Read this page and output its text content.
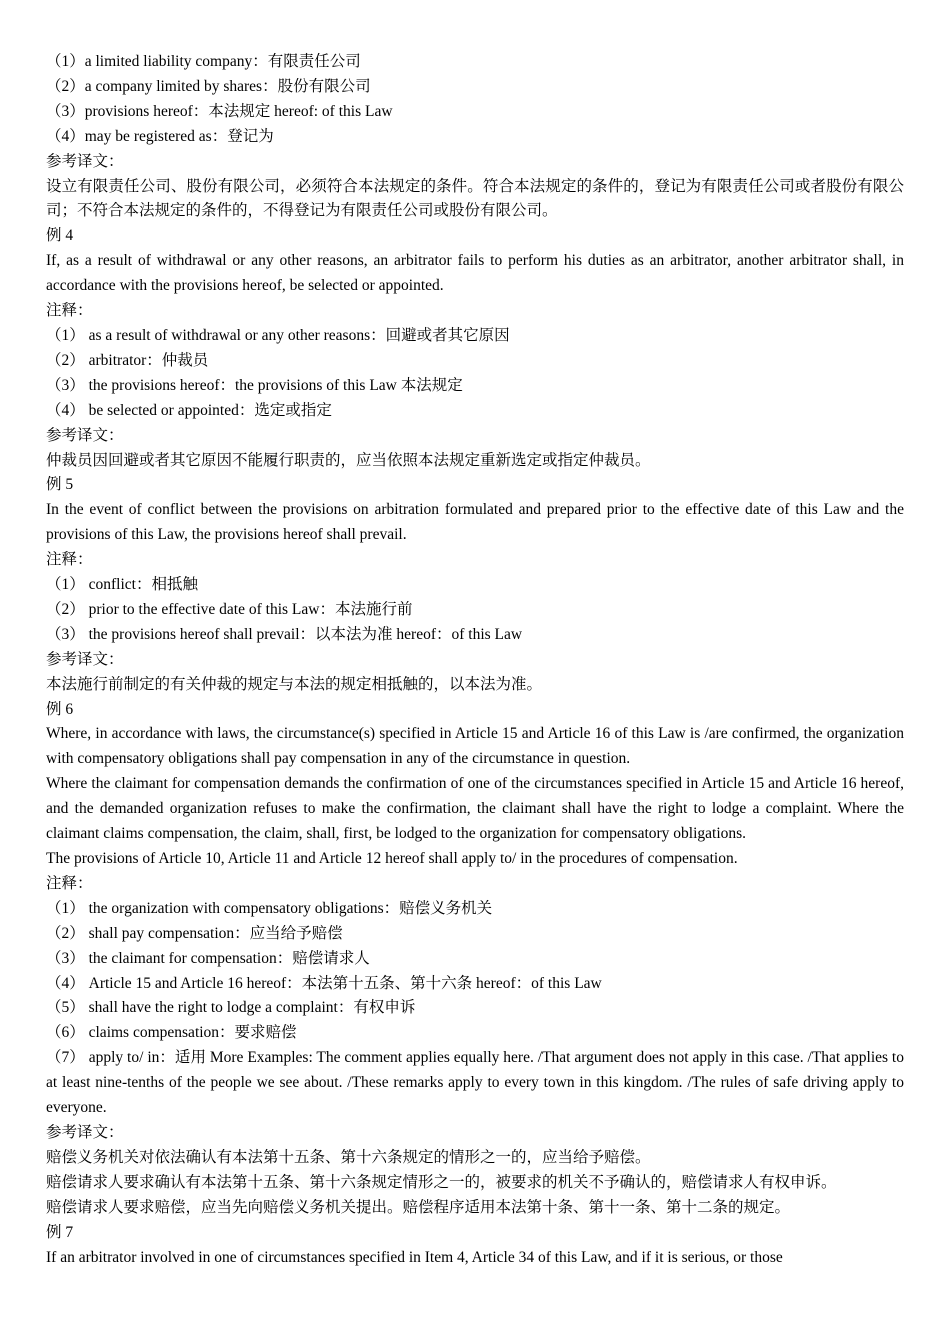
（1）a limited liability company：有限责任公司
（2）a company limited by shares：股份有限公司
（3）provisions hereof：本法规定 hereof: of this Law
（4）may be registered as：登记为
参考译文：
设立有限责任公司、股份有限公司，必须符合本法规定的条件。符合本法规定的条件的，登记为有限责任公司或者股份有限公司；不符合本法规定的条件的，不得登记为有限责任公司或股份有限公司。
例 4
If, as a result of withdrawal or any other reasons, an arbitrator fails to perform his duties as an arbitrator, another arbitrator shall, in accordance with the provisions hereof, be selected or appointed.
注释：
（1） as a result of withdrawal or any other reasons：回避或者其它原因
（2） arbitrator：仲裁员
（3） the provisions hereof：the provisions of this Law 本法规定
（4） be selected or appointed：选定或指定
参考译文：
仲裁员因回避或者其它原因不能履行职责的，应当依照本法规定重新选定或指定仲裁员。
例 5
In the event of conflict between the provisions on arbitration formulated and prepared prior to the effective date of this Law and the provisions of this Law, the provisions hereof shall prevail.
注释：
（1） conflict：相抵触
（2） prior to the effective date of this Law：本法施行前
（3） the provisions hereof shall prevail：以本法为准 hereof：of this Law
参考译文：
本法施行前制定的有关仲裁的规定与本法的规定相抵触的，以本法为准。
例 6
Where, in accordance with laws, the circumstance(s) specified in Article 15 and Article 16 of this Law is /are confirmed, the organization with compensatory obligations shall pay compensation in any of the circumstance in question.
Where the claimant for compensation demands the confirmation of one of the circumstances specified in Article 15 and Article 16 hereof, and the demanded organization refuses to make the confirmation, the claimant shall have the right to lodge a complaint. Where the claimant claims compensation, the claim, shall, first, be lodged to the organization for compensatory obligations.
The provisions of Article 10, Article 11 and Article 12 hereof shall apply to/ in the procedures of compensation.
注释：
（1） the organization with compensatory obligations：赔偿义务机关
（2） shall pay compensation：应当给予赔偿
（3） the claimant for compensation：赔偿请求人
（4） Article 15 and Article 16 hereof：本法第十五条、第十六条 hereof：of this Law
（5） shall have the right to lodge a complaint：有权申诉
（6） claims compensation：要求赔偿
（7） apply to/ in：适用 More Examples: The comment applies equally here. /That argument does not apply in this case. /That applies to at least nine-tenths of the people we see about. /These remarks apply to every town in this kingdom. /The rules of safe driving apply to everyone.
参考译文：
赔偿义务机关对依法确认有本法第十五条、第十六条规定的情形之一的，应当给予赔偿。
赔偿请求人要求确认有本法第十五条、第十六条规定情形之一的，被要求的机关不予确认的，赔偿请求人有权申诉。
赔偿请求人要求赔偿，应当先向赔偿义务机关提出。赔偿程序适用本法第十条、第十一条、第十二条的规定。
例 7
If an arbitrator involved in one of circumstances specified in Item 4, Article 34 of this Law, and if it is serious, or those
